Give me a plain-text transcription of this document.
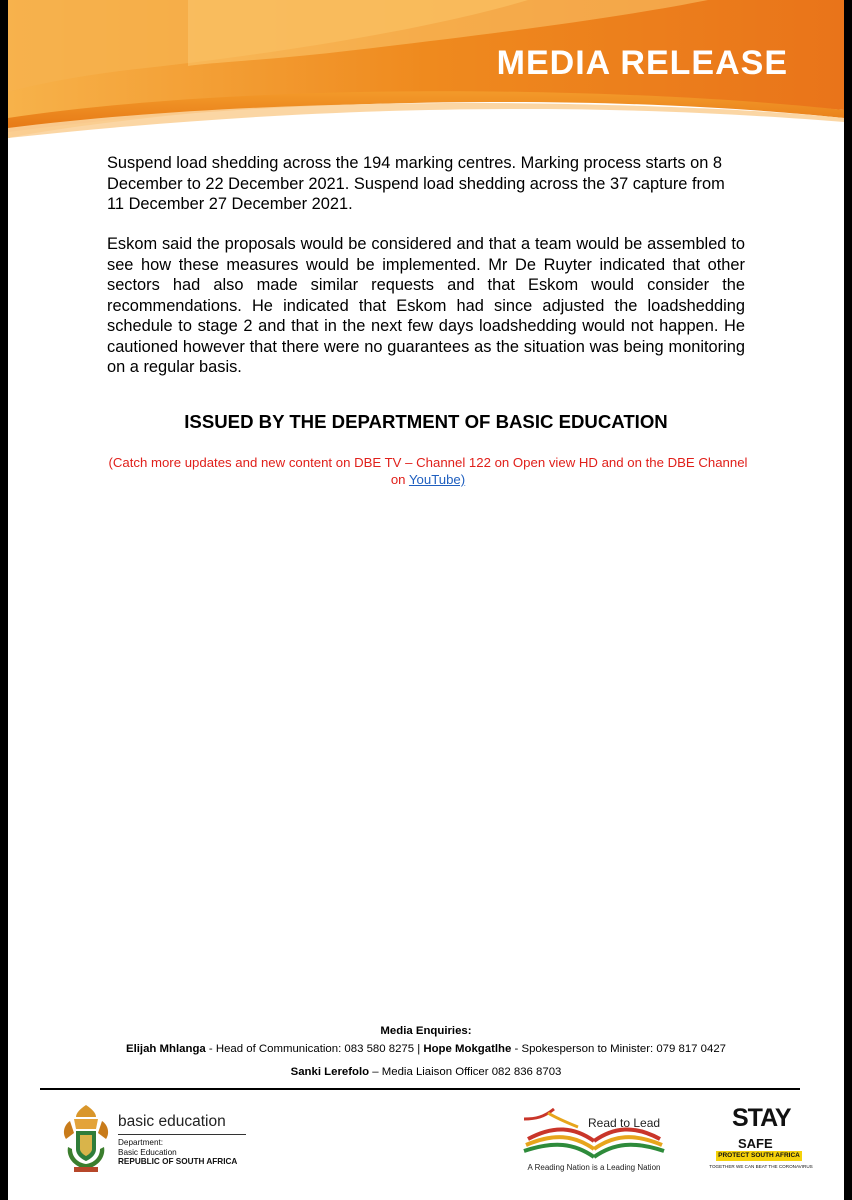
MEDIA RELEASE

Suspend load shedding across the 194 marking centres. Marking process starts on 8 December to 22 December 2021. Suspend load shedding across the 37 capture from 11 December 27 December 2021.

Eskom said the proposals would be considered and that a team would be assembled to see how these measures would be implemented. Mr De Ruyter indicated that other sectors had also made similar requests and that Eskom would consider the recommendations. He indicated that Eskom had since adjusted the loadshedding schedule to stage 2 and that in the next few days loadshedding would not happen. He cautioned however that there were no guarantees as the situation was being monitoring on a regular basis.

ISSUED BY THE DEPARTMENT OF BASIC EDUCATION
(Catch more updates and new content on DBE TV – Channel 122 on Open view HD and on the DBE Channel on YouTube)
Media Enquiries:
Elijah Mhlanga - Head of Communication: 083 580 8275 | Hope Mokgatlhe - Spokesperson to Minister: 079 817 0427
Sanki Lerefolo – Media Liaison Officer 082 836 8703
basic education
Department:
Basic Education
REPUBLIC OF SOUTH AFRICA
Read to Lead
A Reading Nation is a Leading Nation
STAY
SAFE
PROTECT SOUTH AFRICA
TOGETHER WE CAN BEAT THE CORONAVIRUS
